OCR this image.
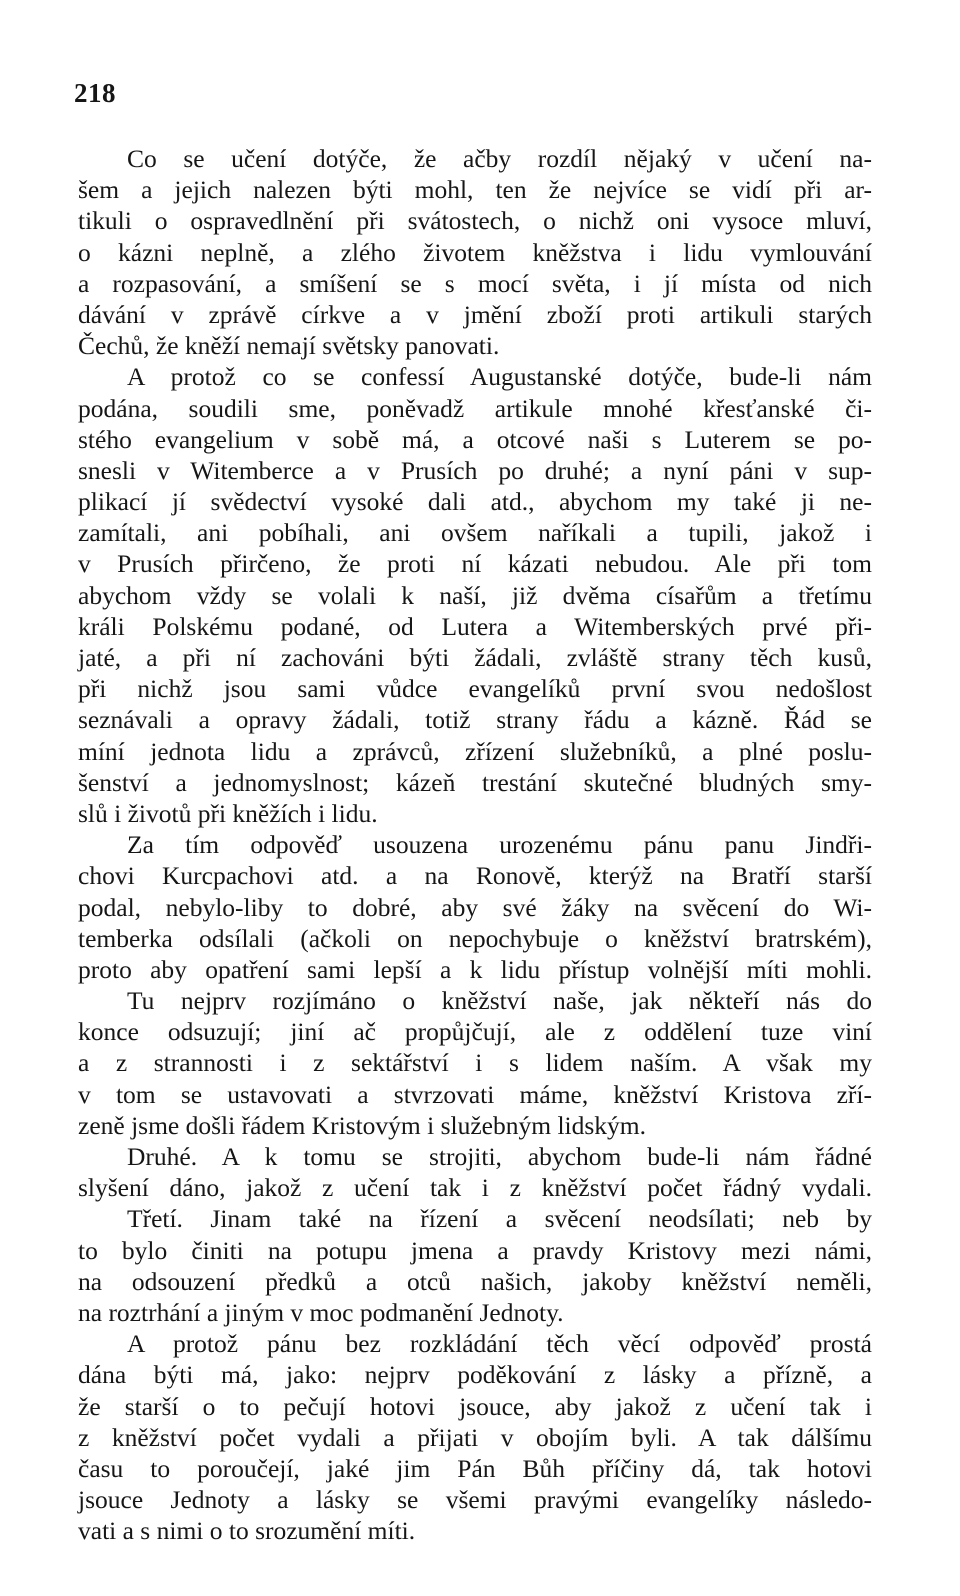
218
Co se učení dotýče, že ačby rozdíl nějaký v učení na-
šem a jejich nalezen býti mohl, ten že nejvíce se vidí při ar-
tikuli o ospravedlnění při svátostech, o nichž oni vysoce mluví,
o kázni neplně, a zlého životem kněžstva i lidu vymlouvání
a rozpasování, a smíšení se s mocí světa, i jí místa od nich
dávání v zprávě církve a v jmění zboží proti artikuli starých
Čechů, že kněží nemají světsky panovati.
A protož co se confessí Augustanské dotýče, bude-li nám
podána, soudili sme, poněvadž artikule mnohé křesťanské či-
stého evangelium v sobě má, a otcové naši s Luterem se po-
snesli v Witemberce a v Prusích po druhé; a nyní páni v sup-
plikací jí svědectví vysoké dali atd., abychom my také ji ne-
zamítali, ani pobíhali, ani ovšem naříkali a tupili, jakož i
v Prusích přirčeno, že proti ní kázati nebudou. Ale při tom
abychom vždy se volali k naší, již dvěma císařům a třetímu
králi Polskému podané, od Lutera a Witemberských prvé při-
jaté, a při ní zachováni býti žádali, zvláště strany těch kusů,
při nichž jsou sami vůdce evangelíků první svou nedošlost
seznávali a opravy žádali, totiž strany řádu a kázně. Řád se
míní jednota lidu a zprávců, zřízení služebníků, a plné poslu-
šenství a jednomyslnost; kázeň trestání skutečné bludných smy-
slů i životů při kněžích i lidu.
Za tím odpověď usouzena urozenému pánu panu Jindři-
chovi Kurcpachovi atd. a na Ronově, kterýž na Bratří starší
podal, nebylo-liby to dobré, aby své žáky na svěcení do Wi-
temberka odsílali (ačkoli on nepochybuje o kněžství bratrském),
proto aby opatření sami lepší a k lidu přístup volnější míti mohli.
Tu nejprv rozjímáno o kněžství naše, jak někteří nás do
konce odsuzují; jiní ač propůjčují, ale z oddělení tuze viní
a z strannosti i z sektářství i s lidem naším. A však my
v tom se ustavovati a stvrzovati máme, kněžství Kristova zří-
zeně jsme došli řádem Kristovým i služebným lidským.
Druhé. A k tomu se strojiti, abychom bude-li nám řádné
slyšení dáno, jakož z učení tak i z kněžství počet řádný vydali.
Třetí. Jinam také na řízení a svěcení neodsílati; neb by
to bylo činiti na potupu jmena a pravdy Kristovy mezi námi,
na odsouzení předků a otců našich, jakoby kněžství neměli,
na roztrhání a jiným v moc podmanění Jednoty.
A protož pánu bez rozkládání těch věcí odpověď prostá
dána býti má, jako: nejprv poděkování z lásky a přízně, a
že starší o to pečují hotovi jsouce, aby jakož z učení tak i
z kněžství počet vydali a přijati v obojím byli. A tak dálšímu
času to poroučejí, jaké jim Pán Bůh příčiny dá, tak hotovi
jsouce Jednoty a lásky se všemi pravými evangelíky následo-
vati a s nimi o to srozumění míti.
